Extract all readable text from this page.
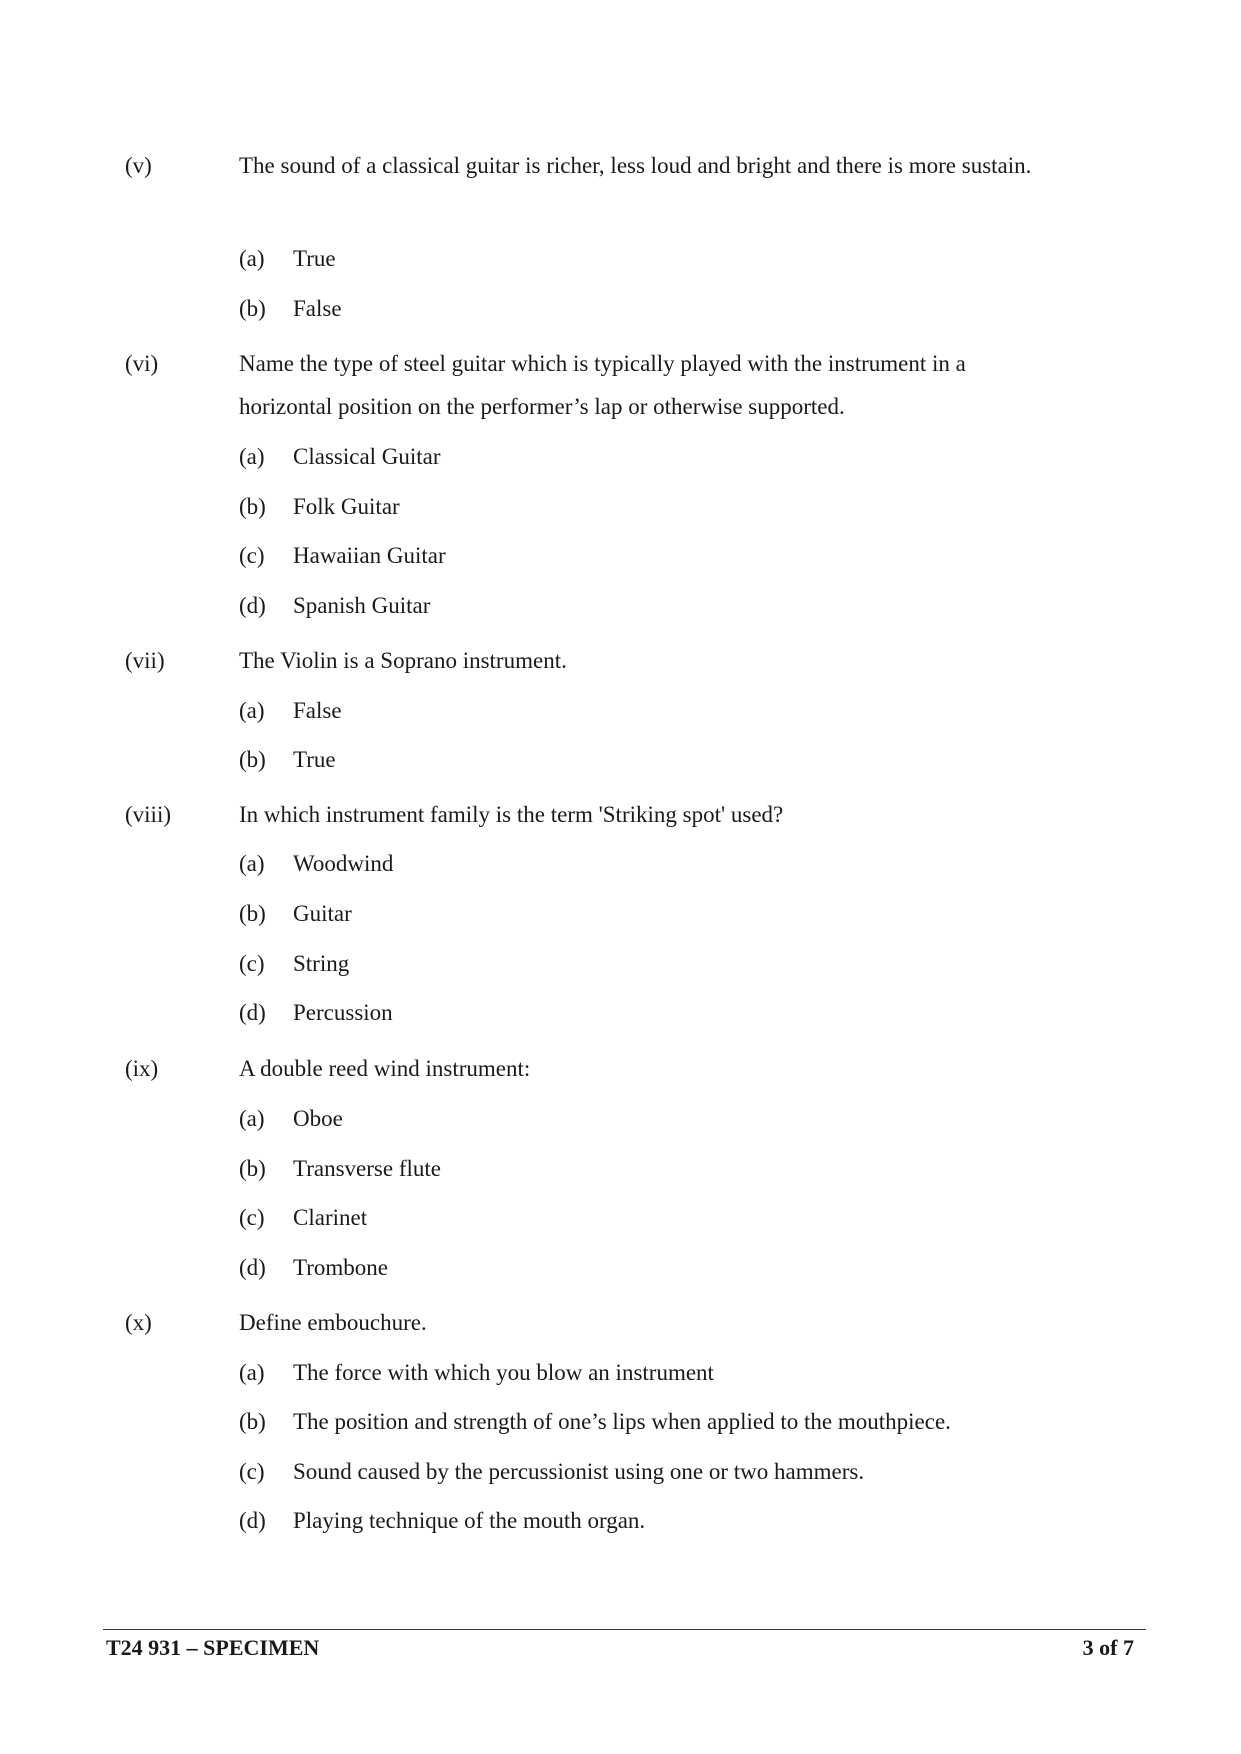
(v)	The sound of a classical guitar is richer, less loud and bright and there is more sustain.
(a) True
(b) False
(vi)	Name the type of steel guitar which is typically played with the instrument in a horizontal position on the performer’s lap or otherwise supported.
(a) Classical Guitar
(b) Folk Guitar
(c) Hawaiian Guitar
(d) Spanish Guitar
(vii)	The Violin is a Soprano instrument.
(a) False
(b) True
(viii)	In which instrument family is the term 'Striking spot' used?
(a) Woodwind
(b) Guitar
(c) String
(d) Percussion
(ix)	A double reed wind instrument:
(a) Oboe
(b) Transverse flute
(c) Clarinet
(d) Trombone
(x)	Define embouchure.
(a) The force with which you blow an instrument
(b) The position and strength of one’s lips when applied to the mouthpiece.
(c) Sound caused by the percussionist using one or two hammers.
(d) Playing technique of the mouth organ.
T24 931 – SPECIMEN	3 of 7
